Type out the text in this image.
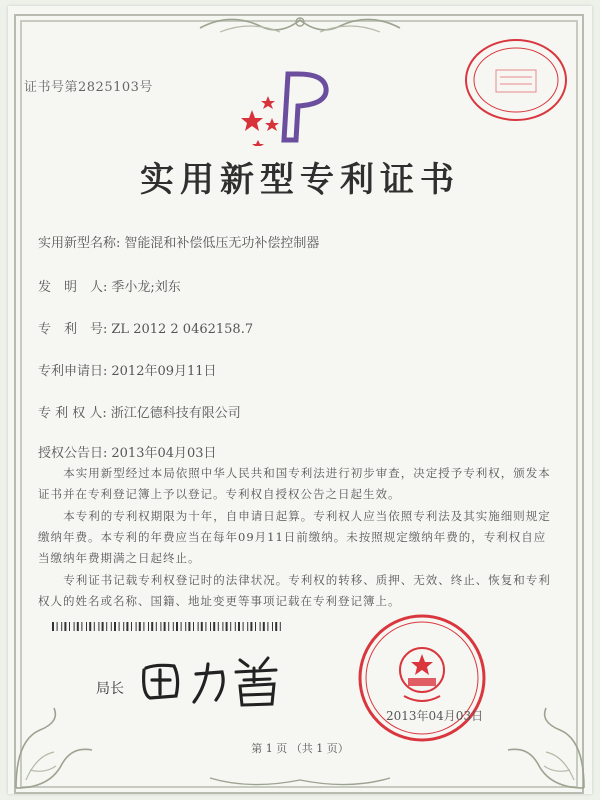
证书号第2825103号
实用新型专利证书
实用新型名称: 智能混和补偿低压无功补偿控制器
发　明　人: 季小龙;刘东
专　利　号: ZL 2012 2 0462158.7
专利申请日: 2012年09月11日
专 利 权 人: 浙江亿德科技有限公司
授权公告日: 2013年04月03日
本实用新型经过本局依照中华人民共和国专利法进行初步审查，决定授予专利权，颁发本证书并在专利登记簿上予以登记。专利权自授权公告之日起生效。
本专利的专利权期限为十年，自申请日起算。专利权人应当依照专利法及其实施细则规定缴纳年费。本专利的年费应当在每年09月11日前缴纳。未按照规定缴纳年费的，专利权自应当缴纳年费期满之日起终止。
专利证书记载专利权登记时的法律状况。专利权的转移、质押、无效、终止、恢复和专利权人的姓名或名称、国籍、地址变更等事项记载在专利登记簿上。
局长
2013年04月03日
第 1 页 （共 1 页）
